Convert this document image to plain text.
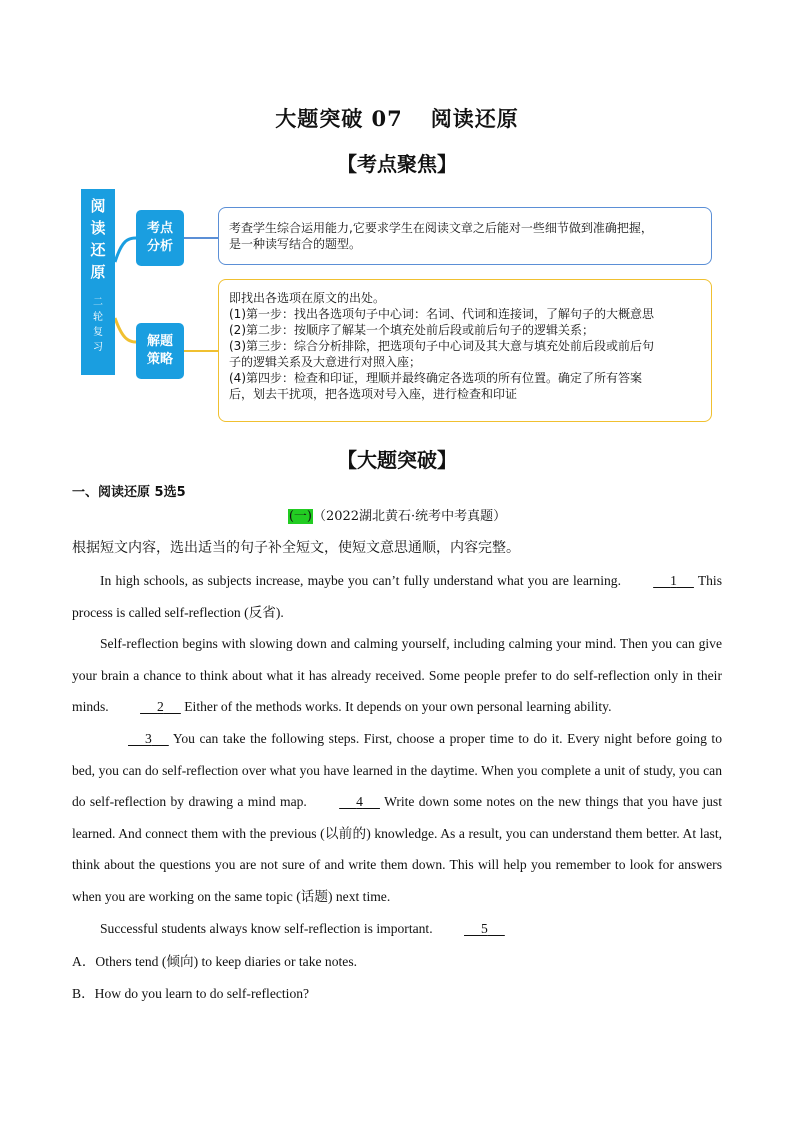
大题突破 07 阅读还原
【考点聚焦】
阅
读
还
原
二
轮
复
习
考点
分析
解题
策略
考查学生综合运用能力,它要求学生在阅读文章之后能对一些细节做到准确把握，
是一种读写结合的题型。
即找出各选项在原文的出处。
(1)第一步：找出各选项句子中心词：名词、代词和连接词，了解句子的大概意思
(2)第二步：按顺序了解某一个填充处前后段或前后句子的逻辑关系；
(3)第三步：综合分析排除，把选项句子中心词及其大意与填充处前后段或前后句
子的逻辑关系及大意进行对照入座；
(4)第四步：检查和印证，理顺并最终确定各选项的所有位置。确定了所有答案
后，划去干扰项，把各选项对号入座，进行检查和印证
【大题突破】
一、阅读还原 5选5
(一)（2022湖北黄石·统考中考真题）
根据短文内容，选出适当的句子补全短文，使短文意思通顺，内容完整。

In high schools, as subjects increase, maybe you can’t fully understand what you are learning.	1 This process is called self-reflection (反省).

Self-reflection begins with slowing down and calming yourself, including calming your mind. Then you can give your brain a chance to think about what it has already received. Some people prefer to do self-reflection only in their minds.	2 Either of the methods works. It depends on your own personal learning ability.

3 You can take the following steps. First, choose a proper time to do it. Every night before going to bed, you can do self-reflection over what you have learned in the daytime. When you complete a unit of study, you can do self-reflection by drawing a mind map.	4 Write down some notes on the new things that you have just learned. And connect them with the previous (以前的) knowledge. As a result, you can understand them better. At last, think about the questions you are not sure of and write them down. This will help you remember to look for answers when you are working on the same topic (话题) next time.

Successful students always know self-reflection is important.	5

A．Others tend (倾向) to keep diaries or take notes.
B．How do you learn to do self-reflection?
